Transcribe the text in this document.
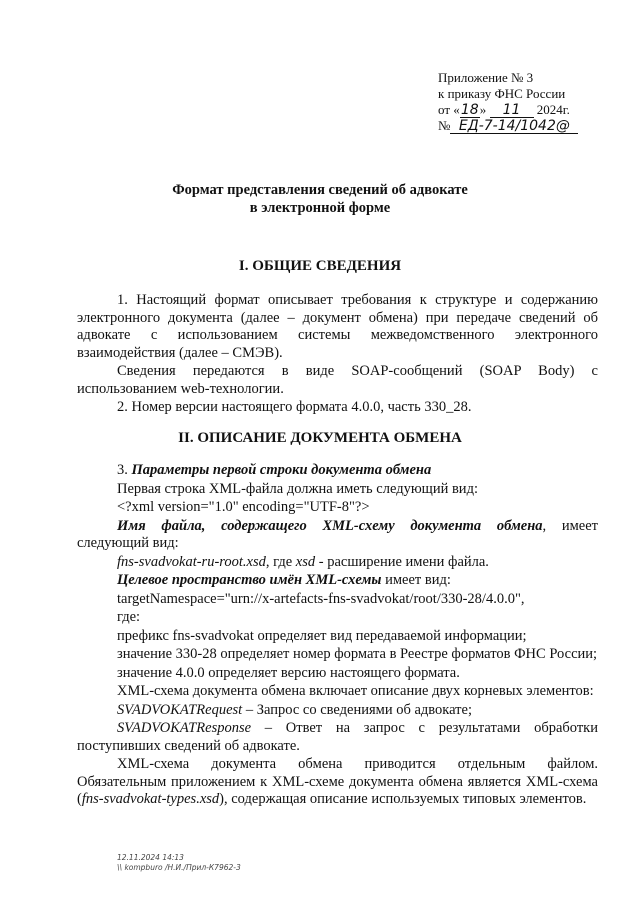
Приложение № 3
к приказу ФНС России
от «18» 11 2024г.
№ ЕД-7-14/1042@
Формат представления сведений об адвокате
в электронной форме
I. ОБЩИЕ СВЕДЕНИЯ

1. Настоящий формат описывает требования к структуре и содержанию электронного документа (далее – документ обмена) при передаче сведений об адвокате с использованием системы межведомственного электронного взаимодействия (далее – СМЭВ).

Сведения передаются в виде SOAP-сообщений (SOAP Body) с использованием web-технологии.

2. Номер версии настоящего формата 4.0.0, часть 330_28.

II. ОПИСАНИЕ ДОКУМЕНТА ОБМЕНА

3. Параметры первой строки документа обмена

Первая строка XML-файла должна иметь следующий вид:

<?xml version="1.0" encoding="UTF-8"?>

Имя файла, содержащего XML-схему документа обмена, имеет следующий вид:

fns-svadvokat-ru-root.xsd, где xsd - расширение имени файла.

Целевое пространство имён XML-схемы имеет вид:

targetNamespace="urn://x-artefacts-fns-svadvokat/root/330-28/4.0.0",

где:

префикс fns-svadvokat определяет вид передаваемой информации;

значение 330-28 определяет номер формата в Реестре форматов ФНС России;

значение 4.0.0 определяет версию настоящего формата.

XML-схема документа обмена включает описание двух корневых элементов:

SVADVOKATRequest – Запрос со сведениями об адвокате;

SVADVOKATResponse – Ответ на запрос с результатами обработки поступивших сведений об адвокате.

XML-схема документа обмена приводится отдельным файлом. Обязательным приложением к XML-схеме документа обмена является XML-схема (fns-svadvokat-types.xsd), содержащая описание используемых типовых элементов.

12.11.2024 14:13
\\ kompburo /Н.И./Прил-К7962-3
